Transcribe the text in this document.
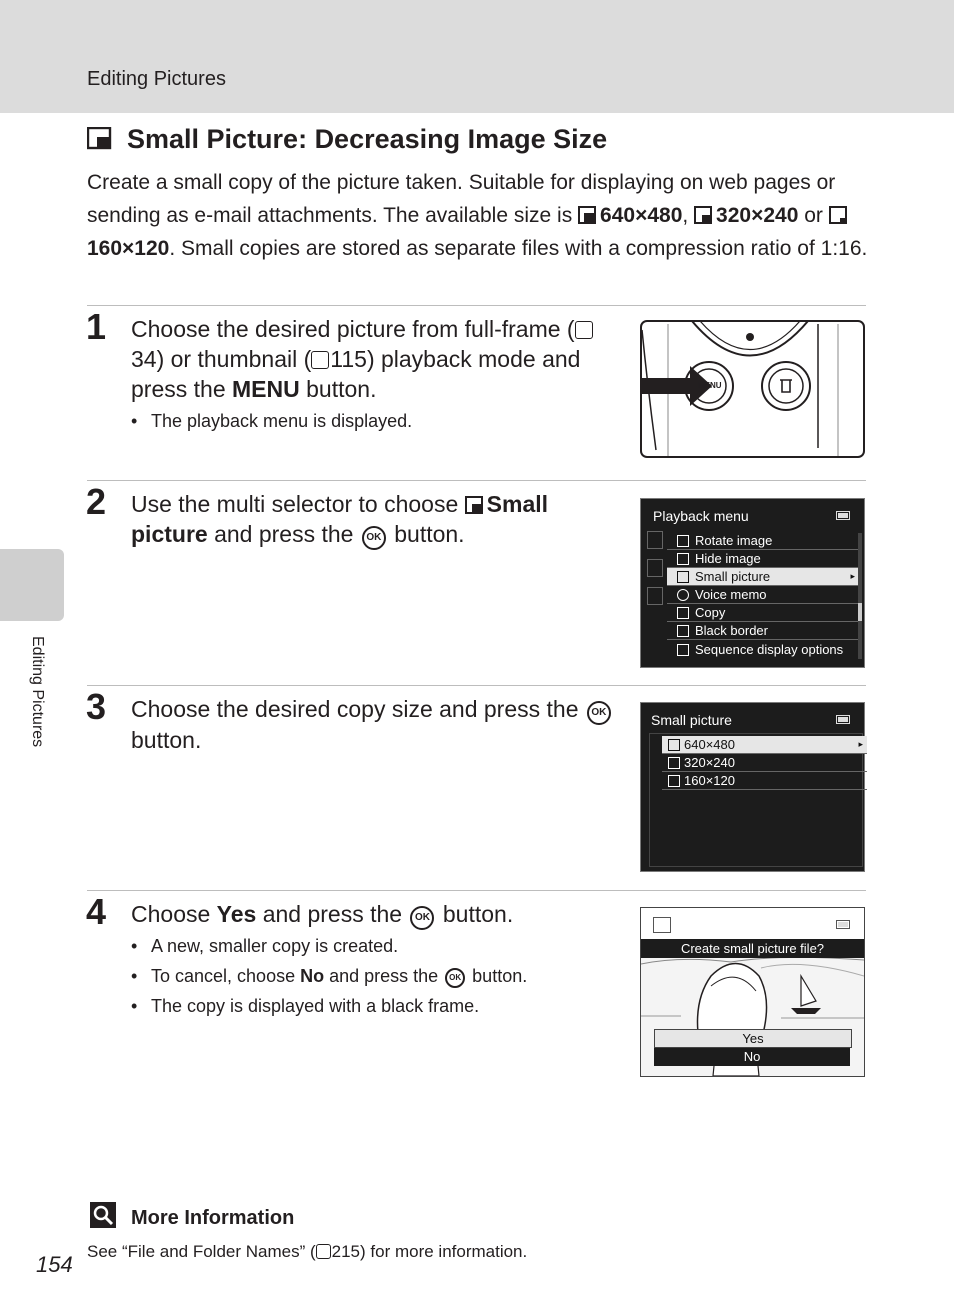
Editing Pictures
Editing Pictures
Small Picture: Decreasing Image Size

Create a small copy of the picture taken. Suitable for displaying on web pages or sending as e-mail attachments. The available size is 640×480, 320×240 or 160×120. Small copies are stored as separate files with a compression ratio of 1:16.

1 Choose the desired picture from full-frame (34) or thumbnail ( 115) playback mode and press the MENU button.

• The playback menu is displayed.
MENU
2 Use the multi selector to choose Small picture and press the OK button.

Playback menu
Rotate image
Hide image
Small picture	▸
Voice memo
Copy
Black border
Sequence display options
3 Choose the desired copy size and press the OK button.

Small picture
640×480	▸
320×240
160×120
4 Choose Yes and press the OK button.

• A new, smaller copy is created.
• To cancel, choose No and press the OK button.
• The copy is displayed with a black frame.
Create small picture file?
Yes
No
More Information
See “File and Folder Names” ( 215) for more information.
154
